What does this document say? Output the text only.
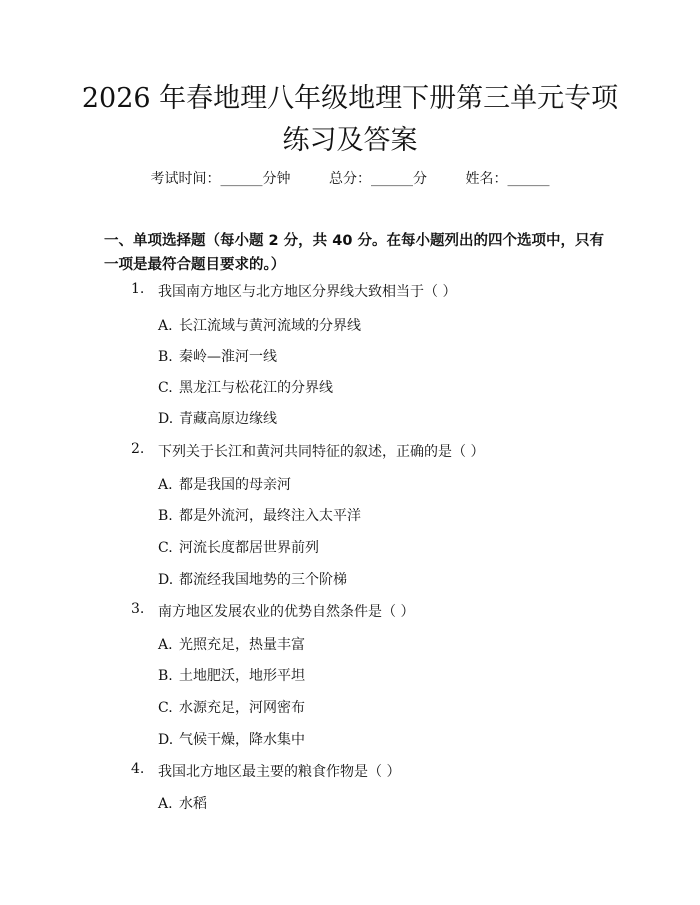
2026 年春地理八年级地理下册第三单元专项
练习及答案
考试时间：______分钟	总分：______分	姓名：______
一、单项选择题（每小题 2 分，共 40 分。在每小题列出的四个选项中，只有一项是最符合题目要求的。）
1. 我国南方地区与北方地区分界线大致相当于（ ）
A. 长江流域与黄河流域的分界线
B. 秦岭—淮河一线
C. 黑龙江与松花江的分界线
D. 青藏高原边缘线
2. 下列关于长江和黄河共同特征的叙述，正确的是（ ）
A. 都是我国的母亲河
B. 都是外流河，最终注入太平洋
C. 河流长度都居世界前列
D. 都流经我国地势的三个阶梯
3. 南方地区发展农业的优势自然条件是（ ）
A. 光照充足，热量丰富
B. 土地肥沃，地形平坦
C. 水源充足，河网密布
D. 气候干燥，降水集中
4. 我国北方地区最主要的粮食作物是（ ）
A. 水稻
